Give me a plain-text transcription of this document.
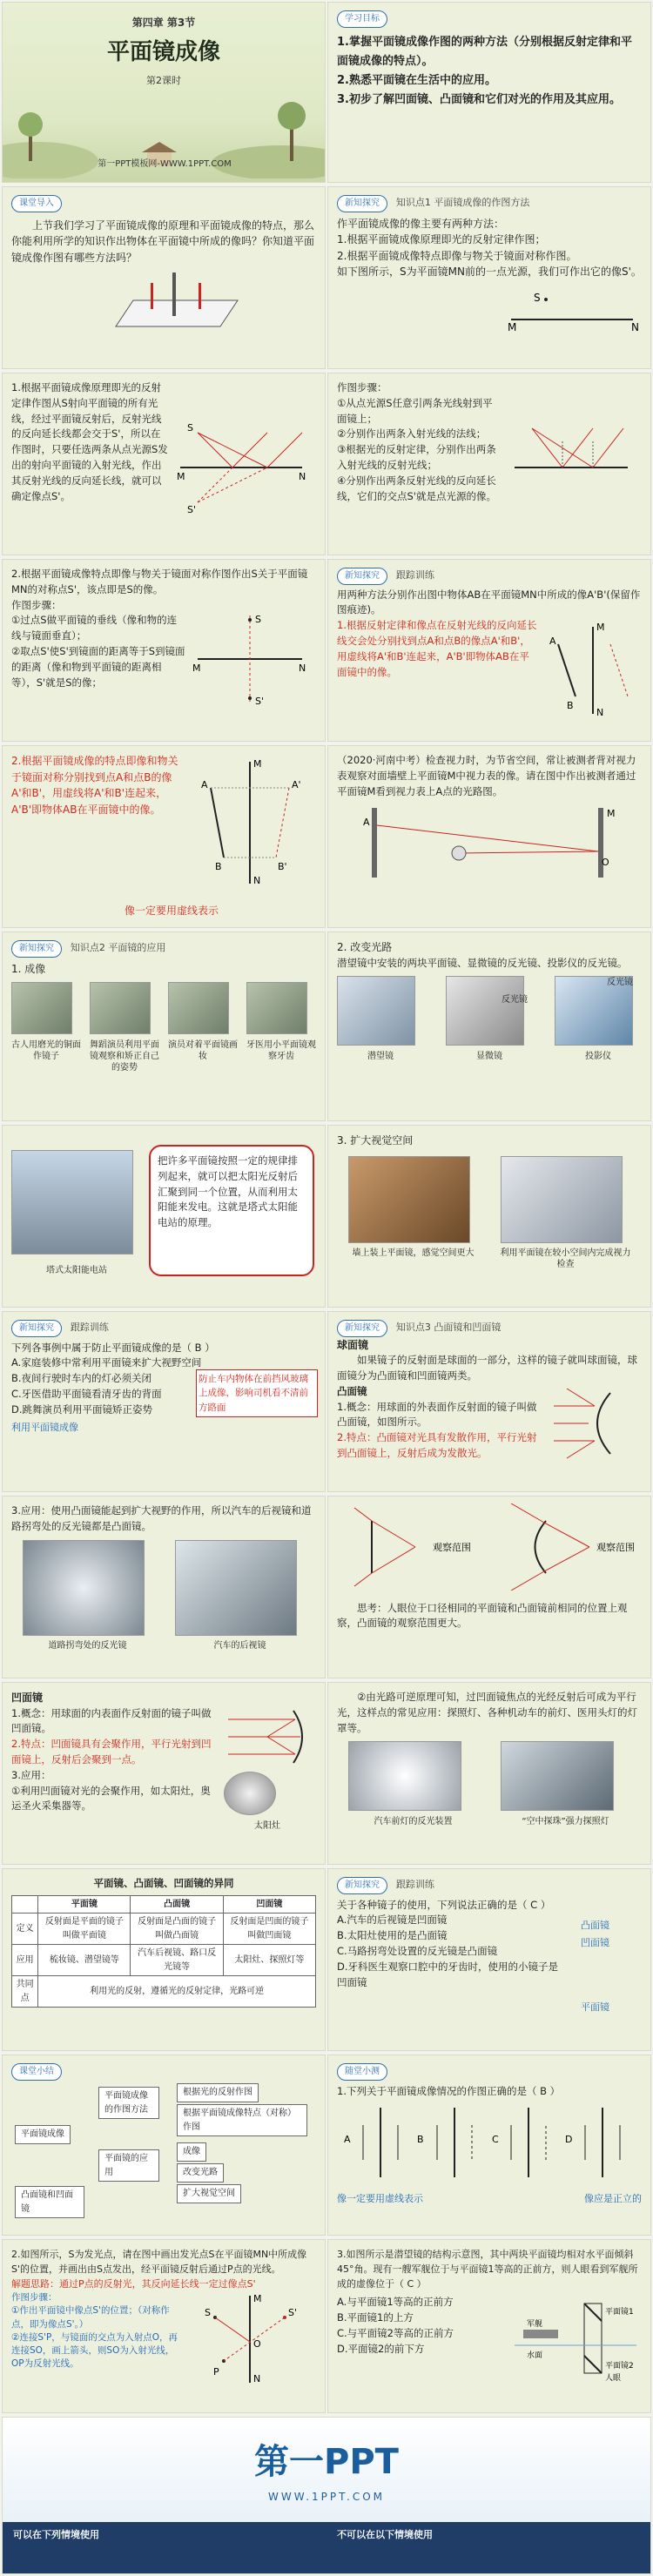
第四章 第3节
平面镜成像
第2课时
第一PPT模板网-WWW.1PPT.COM
学习目标
1.掌握平面镜成像作图的两种方法（分别根据反射定律和平面镜成像的特点）。
2.熟悉平面镜在生活中的应用。
3.初步了解凹面镜、凸面镜和它们对光的作用及其应用。
课堂导入
上节我们学习了平面镜成像的原理和平面镜成像的特点，那么你能利用所学的知识作出物体在平面镜中所成的像吗？你知道平面镜成像作图有哪些方法吗？
新知探究 知识点1 平面镜成像的作图方法
作平面镜成像的像主要有两种方法：
1.根据平面镜成像原理即光的反射定律作图；
2.根据平面镜成像特点即像与物关于镜面对称作图。
如下图所示，S为平面镜MN前的一点光源，我们可作出它的像S'。
M	N
S
1.根据平面镜成像原理即光的反射定律作图从S射向平面镜的所有光线，经过平面镜反射后，反射光线的反向延长线都会交于S'，所以在作图时，只要任选两条从点光源S发出的射向平面镜的入射光线，作出其反射光线的反向延长线，就可以确定像点S'。
S
S'
M	N
作图步骤：
①从点光源S任意引两条光线射到平面镜上；
②分别作出两条入射光线的法线；
③根据光的反射定律，分别作出两条入射光线的反射光线；
④分别作出两条反射光线的反向延长线，它们的交点S'就是点光源的像。
2.根据平面镜成像特点即像与物关于镜面对称作图作出S关于平面镜MN的对称点S'，该点即是S的像。
作图步骤：
①过点S做平面镜的垂线（像和物的连线与镜面垂直）；
②取点S'使S'到镜面的距离等于S到镜面的距离（像和物到平面镜的距离相等），S'就是S的像；
S
S'
M	N
新知探究 跟踪训练
用两种方法分别作出图中物体AB在平面镜MN中所成的像A'B'(保留作图痕迹)。
1.根据反射定律和像点在反射光线的反向延长线交会处分别找到点A和点B的像点A'和B'，用虚线将A'和B'连起来，A'B'即物体AB在平面镜中的像。
A
B
M
N
2.根据平面镜成像的特点即像和物关于镜面对称分别找到点A和点B的像A'和B'，用虚线将A'和B'连起来，A'B'即物体AB在平面镜中的像。
A
B
A'
B'
M
N
像一定要用虚线表示
（2020·河南中考）检查视力时，为节省空间，常让被测者背对视力表观察对面墙壁上平面镜M中视力表的像。请在图中作出被测者通过平面镜M看到视力表上A点的光路图。
A
M
O
新知探究 知识点2 平面镜的应用
1. 成像
古人用磨光的铜面作镜子
舞蹈演员利用平面镜观察和矫正自己的姿势
演员对着平面镜画妆
牙医用小平面镜观察牙齿
2. 改变光路
潜望镜中安装的两块平面镜、显微镜的反光镜、投影仪的反光镜。
潜望镜	显微镜
反光镜
投影仪
反光镜
塔式太阳能电站
把许多平面镜按照一定的规律排列起来，就可以把太阳光反射后汇聚到同一个位置，从而利用太阳能来发电。这就是塔式太阳能电站的原理。
3. 扩大视觉空间
墙上装上平面镜，感觉空间更大	利用平面镜在较小空间内完成视力检查
新知探究 跟踪训练
下列各事例中属于防止平面镜成像的是（ B ）
A.家庭装修中常利用平面镜来扩大视野空间
B.夜间行驶时车内的灯必须关闭
C.牙医借助平面镜看清牙齿的背面
D.跳舞演员利用平面镜矫正姿势
利用平面镜成像
防止车内物体在前挡风玻璃上成像，影响司机看不清前方路面
新知探究 知识点3 凸面镜和凹面镜
球面镜
如果镜子的反射面是球面的一部分，这样的镜子就叫球面镜，球面镜分为凸面镜和凹面镜两类。
凸面镜
1.概念：用球面的外表面作反射面的镜子叫做凸面镜，如图所示。
2.特点：凸面镜对光具有发散作用，平行光射到凸面镜上，反射后成为发散光。
3.应用：使用凸面镜能起到扩大视野的作用，所以汽车的后视镜和道路拐弯处的反光镜都是凸面镜。
道路拐弯处的反光镜	汽车的后视镜
观察范围	观察范围
思考：人眼位于口径相同的平面镜和凸面镜前相同的位置上观察，凸面镜的观察范围更大。
凹面镜
1.概念：用球面的内表面作反射面的镜子叫做凹面镜。
2.特点：凹面镜具有会聚作用，平行光射到凹面镜上，反射后会聚到一点。
3.应用：
①利用凹面镜对光的会聚作用，如太阳灶，奥运圣火采集器等。

太阳灶
②由光路可逆原理可知，过凹面镜焦点的光经反射后可成为平行光，这样点的常见应用：探照灯、各种机动车的前灯、医用头灯的灯罩等。
汽车前灯的反光装置	“空中探珠”强力探照灯
平面镜、凸面镜、凹面镜的异同
	平面镜	凸面镜	凹面镜
定义	反射面是平面的镜子叫做平面镜	反射面是凸面的镜子叫做凸面镜	反射面是凹面的镜子叫做凹面镜
应用	梳妆镜、潜望镜等	汽车后视镜、路口反光镜等	太阳灶、探照灯等
共同点	利用光的反射，遵循光的反射定律，光路可逆		
新知探究 跟踪训练
关于各种镜子的使用，下列说法正确的是（ C ）
A.汽车的后视镜是凹面镜
B.太阳灶使用的是凸面镜
C.马路拐弯处设置的反光镜是凸面镜
D.牙科医生观察口腔中的牙齿时，使用的小镜子是凹面镜
凸面镜
凹面镜
平面镜
课堂小结
平面镜成像
平面镜成像的作图方法
平面镜的应用
凸面镜和凹面镜
根据光的反射作图
根据平面镜成像特点（对称）作图
成像
改变光路
扩大视觉空间
随堂小测
1.下列关于平面镜成像情况的作图正确的是（ B ）
A	B	C	D
像一定要用虚线表示	像应是正立的
2.如图所示，S为发光点，请在图中画出发光点S在平面镜MN中所成像S'的位置，并画出由S点发出，经平面镜反射后通过P点的光线。
解题思路：通过P点的反射光，其反向延长线一定过像点S'
作图步骤：
①作出平面镜中像点S'的位置；（对称作点，即为像点S'。）
②连接S'P，与镜面的交点为入射点O，再连接SO，画上箭头，则SO为入射光线，OP为反射光线。
S
P
M
N
O
S'
3.如图所示是潜望镜的结构示意图，其中两块平面镜均相对水平面倾斜45°角。现有一艘军舰位于与平面镜1等高的正前方，则人眼看到军舰所成的虚像位于（ C ）
A.与平面镜1等高的正前方
B.平面镜1的上方
C.与平面镜2等高的正前方
D.平面镜2的前下方
平面镜1
平面镜2
军舰
水面
人眼
第一PPT
WWW.1PPT.COM
可以在下列情境使用	不可以在以下情境使用
